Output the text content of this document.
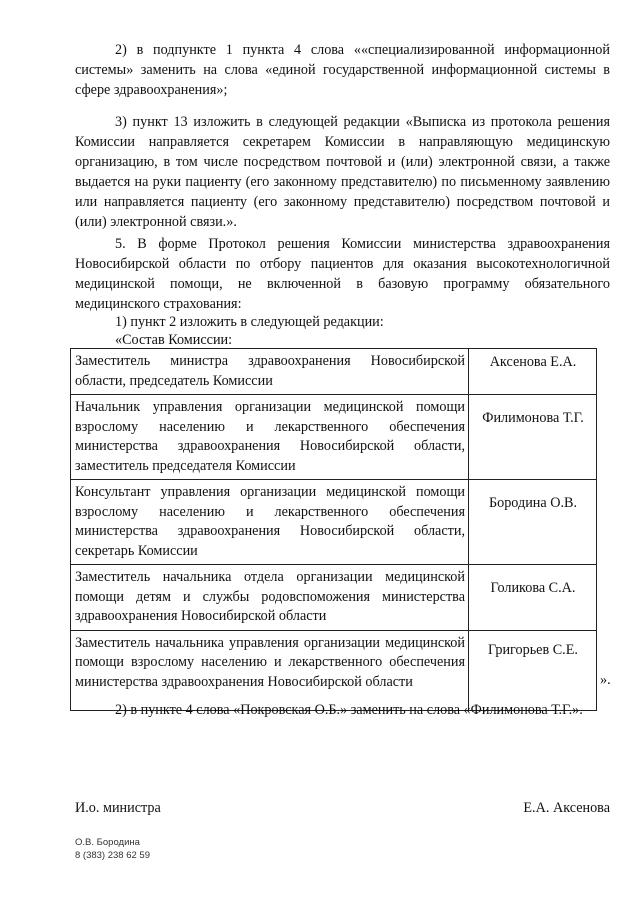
2) в подпункте 1 пункта 4 слова ««специализированной информационной системы» заменить на слова «единой государственной информационной системы в сфере здравоохранения»;

3) пункт 13 изложить в следующей редакции «Выписка из протокола решения Комиссии направляется секретарем Комиссии в направляющую медицинскую организацию, в том числе посредством почтовой и (или) электронной связи, а также выдается на руки пациенту (его законному представителю) по письменному заявлению или направляется пациенту (его законному представителю) посредством почтовой и (или) электронной связи.».

5. В форме Протокол решения Комиссии министерства здравоохранения Новосибирской области по отбору пациентов для оказания высокотехнологичной медицинской помощи, не включенной в базовую программу обязательного медицинского страхования:

1) пункт 2 изложить в следующей редакции:

«Состав Комиссии:

Заместитель министра здравоохранения Новосибирской области, председатель Комиссии	Аксенова Е.А.
Начальник управления организации медицинской помощи взрослому населению и лекарственного обеспечения министерства здравоохранения Новосибирской области, заместитель председателя Комиссии	Филимонова Т.Г.
Консультант управления организации медицинской помощи взрослому населению и лекарственного обеспечения министерства здравоохранения Новосибирской области, секретарь Комиссии	Бородина О.В.
Заместитель начальника отдела организации медицинской помощи детям и службы родовспоможения министерства здравоохранения Новосибирской области	Голикова С.А.
Заместитель начальника управления организации медицинской помощи взрослому населению и лекарственного обеспечения министерства здравоохранения Новосибирской области	Григорьев С.Е.
».

2) в пункте 4 слова «Покровская О.Б.» заменить на слова «Филимонова Т.Г.».

И.о. министра	Е.А. Аксенова
О.В. Бородина
8 (383) 238 62 59
